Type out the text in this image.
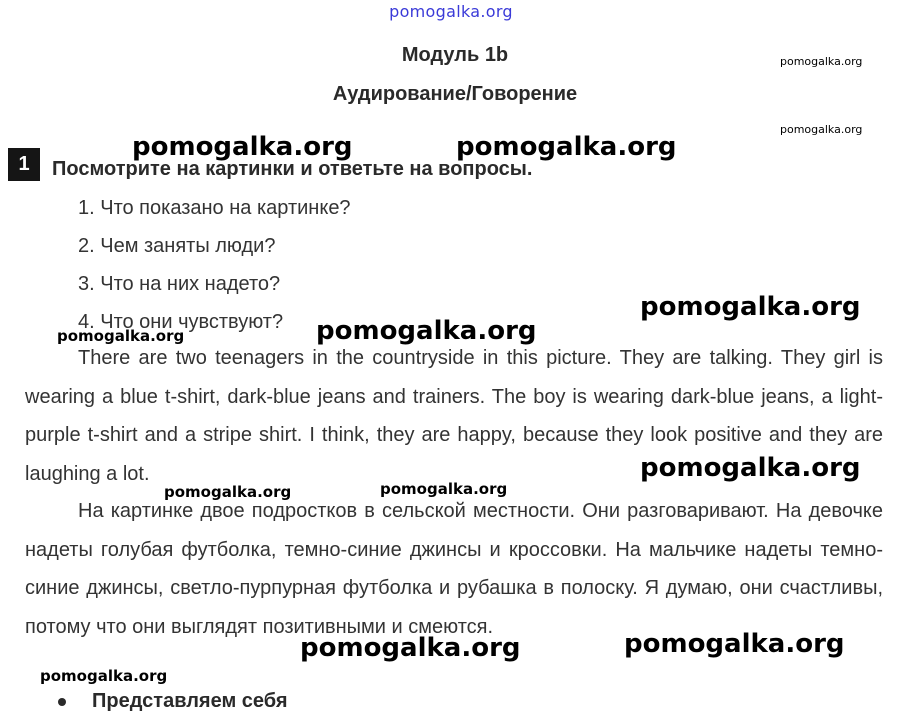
pomogalka.org
Модуль 1b
Аудирование/Говорение
pomogalka.org
pomogalka.org
1	Посмотрите на картинки и ответьте на вопросы.
1. Что показано на картинке?
2. Чем заняты люди?
3. Что на них надето?
4. Что они чувствуют?

There are two teenagers in the countryside in this picture. They are talking. They girl is wearing a blue t-shirt, dark-blue jeans and trainers. The boy is wearing dark-blue jeans, a light-purple t-shirt and a stripe shirt. I think, they are happy, because they look positive and they are laughing a lot.

На картинке двое подростков в сельской местности. Они разговаривают. На девочке надеты голубая футболка, темно-синие джинсы и кроссовки. На мальчике надеты темно-синие джинсы, светло-пурпурная футболка и рубашка в полоску. Я думаю, они счастливы, потому что они выглядят позитивными и смеются.

pomogalka.org	pomogalka.org
pomogalka.org
pomogalka.org
pomogalka.org
pomogalka.org
pomogalka.org
pomogalka.org
pomogalka.org	pomogalka.org
pomogalka.org
Представляем себя
